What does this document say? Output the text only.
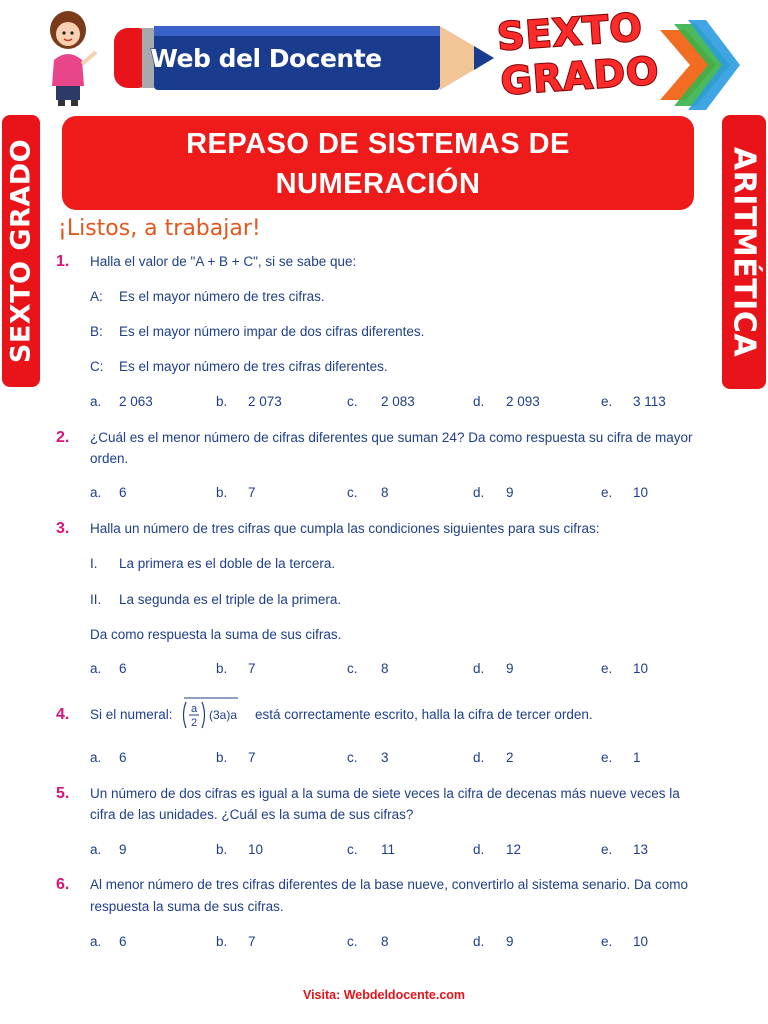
Web del Docente	SEXTO
GRADO
SEXTO GRADO	ARITMÉTICA
REPASO DE SISTEMAS DE
NUMERACIÓN
¡Listos, a trabajar!
1. Halla el valor de "A + B + C", si se sabe que:
A: Es el mayor número de tres cifras.
B: Es el mayor número impar de dos cifras diferentes.
C: Es el mayor número de tres cifras diferentes.
a. 2 063	b. 2 073	c. 2 083	d. 2 093	e. 3 113
2. ¿Cuál es el menor número de cifras diferentes que suman 24? Da como respuesta su cifra de mayor
orden.
a. 6	b. 7	c. 8	d. 9	e. 10
3. Halla un número de tres cifras que cumpla las condiciones siguientes para sus cifras:
I. La primera es el doble de la tercera.
II. La segunda es el triple de la primera.
Da como respuesta la suma de sus cifras.
a. 6	b. 7	c. 8	d. 9	e. 10
4. Si el numeral: a
2
(3a)a está correctamente escrito, halla la cifra de tercer orden.
a. 6	b. 7	c. 3	d. 2	e. 1
5. Un número de dos cifras es igual a la suma de siete veces la cifra de decenas más nueve veces la
cifra de las unidades. ¿Cuál es la suma de sus cifras?
a. 9	b. 10	c. 11	d. 12	e. 13
6. Al menor número de tres cifras diferentes de la base nueve, convertirlo al sistema senario. Da como
respuesta la suma de sus cifras.
a. 6	b. 7	c. 8	d. 9	e. 10
Visita: Webdeldocente.com
